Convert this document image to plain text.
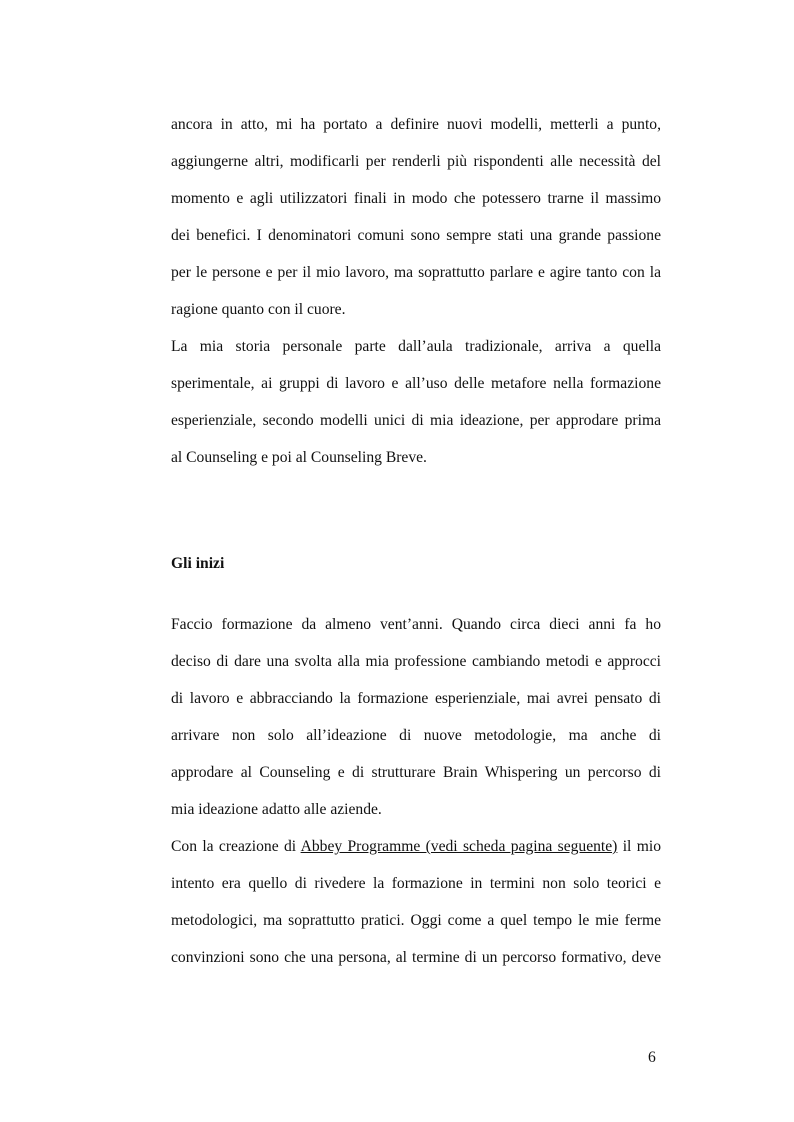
ancora in atto, mi ha portato a definire nuovi modelli, metterli a punto,
aggiungerne altri, modificarli per renderli più rispondenti alle necessità del
momento e agli utilizzatori finali in modo che potessero trarne il massimo
dei benefici. I denominatori comuni sono sempre stati una grande passione
per le persone e per il mio lavoro, ma soprattutto parlare e agire tanto con la
ragione quanto con il cuore.
La mia storia personale parte dall’aula tradizionale, arriva a quella
sperimentale, ai gruppi di lavoro e all’uso delle metafore nella formazione
esperienziale, secondo modelli unici di mia ideazione, per approdare prima
al Counseling e poi al Counseling Breve.
Gli inizi
Faccio formazione da almeno vent’anni. Quando circa dieci anni fa ho
deciso di dare una svolta alla mia professione cambiando metodi e approcci
di lavoro e abbracciando la formazione esperienziale, mai avrei pensato di
arrivare non solo all’ideazione di nuove metodologie, ma anche di
approdare al Counseling e di strutturare Brain Whispering un percorso di
mia ideazione adatto alle aziende.
Con la creazione di Abbey Programme (vedi scheda pagina seguente) il mio
intento era quello di rivedere la formazione in termini non solo teorici e
metodologici, ma soprattutto pratici. Oggi come a quel tempo le mie ferme
convinzioni sono che una persona, al termine di un percorso formativo, deve
6
